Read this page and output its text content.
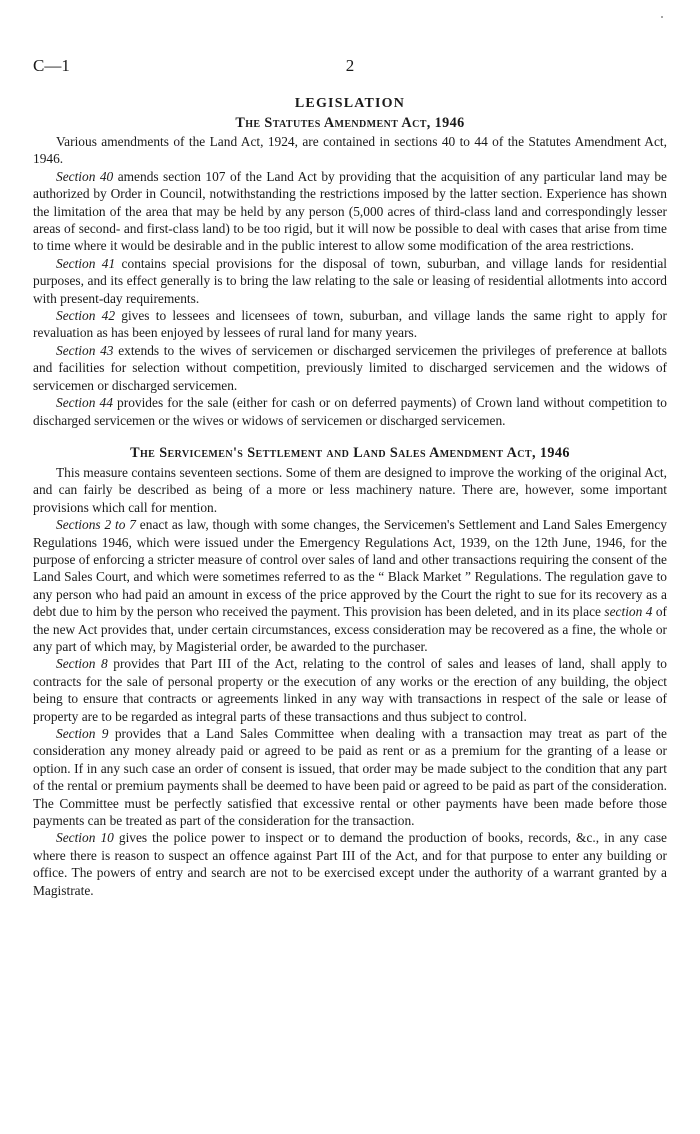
C—1	2
LEGISLATION
The Statutes Amendment Act, 1946

Various amendments of the Land Act, 1924, are contained in sections 40 to 44 of the Statutes Amendment Act, 1946.

Section 40 amends section 107 of the Land Act by providing that the acquisition of any particular land may be authorized by Order in Council, notwithstanding the restrictions imposed by the latter section. Experience has shown the limitation of the area that may be held by any person (5,000 acres of third-class land and correspondingly lesser areas of second- and first-class land) to be too rigid, but it will now be possible to deal with cases that arise from time to time where it would be desirable and in the public interest to allow some modification of the area restrictions.

Section 41 contains special provisions for the disposal of town, suburban, and village lands for residential purposes, and its effect generally is to bring the law relating to the sale or leasing of residential allotments into accord with present-day requirements.

Section 42 gives to lessees and licensees of town, suburban, and village lands the same right to apply for revaluation as has been enjoyed by lessees of rural land for many years.

Section 43 extends to the wives of servicemen or discharged servicemen the privileges of preference at ballots and facilities for selection without competition, previously limited to discharged servicemen and the widows of servicemen or discharged servicemen.

Section 44 provides for the sale (either for cash or on deferred payments) of Crown land without competition to discharged servicemen or the wives or widows of servicemen or discharged servicemen.

The Servicemen's Settlement and Land Sales Amendment Act, 1946

This measure contains seventeen sections. Some of them are designed to improve the working of the original Act, and can fairly be described as being of a more or less machinery nature. There are, however, some important provisions which call for mention.

Sections 2 to 7 enact as law, though with some changes, the Servicemen's Settlement and Land Sales Emergency Regulations 1946, which were issued under the Emergency Regulations Act, 1939, on the 12th June, 1946, for the purpose of enforcing a stricter measure of control over sales of land and other transactions requiring the consent of the Land Sales Court, and which were sometimes referred to as the “ Black Market ” Regulations. The regulation gave to any person who had paid an amount in excess of the price approved by the Court the right to sue for its recovery as a debt due to him by the person who received the payment. This provision has been deleted, and in its place section 4 of the new Act provides that, under certain circumstances, excess consideration may be recovered as a fine, the whole or any part of which may, by Magisterial order, be awarded to the purchaser.

Section 8 provides that Part III of the Act, relating to the control of sales and leases of land, shall apply to contracts for the sale of personal property or the execution of any works or the erection of any building, the object being to ensure that contracts or agreements linked in any way with transactions in respect of the sale or lease of property are to be regarded as integral parts of these transactions and thus subject to control.

Section 9 provides that a Land Sales Committee when dealing with a transaction may treat as part of the consideration any money already paid or agreed to be paid as rent or as a premium for the granting of a lease or option. If in any such case an order of consent is issued, that order may be made subject to the condition that any part of the rental or premium payments shall be deemed to have been paid or agreed to be paid as part of the consideration. The Committee must be perfectly satisfied that excessive rental or other payments have been made before those payments can be treated as part of the consideration for the transaction.

Section 10 gives the police power to inspect or to demand the production of books, records, &c., in any case where there is reason to suspect an offence against Part III of the Act, and for that purpose to enter any building or office. The powers of entry and search are not to be exercised except under the authority of a warrant granted by a Magistrate.
